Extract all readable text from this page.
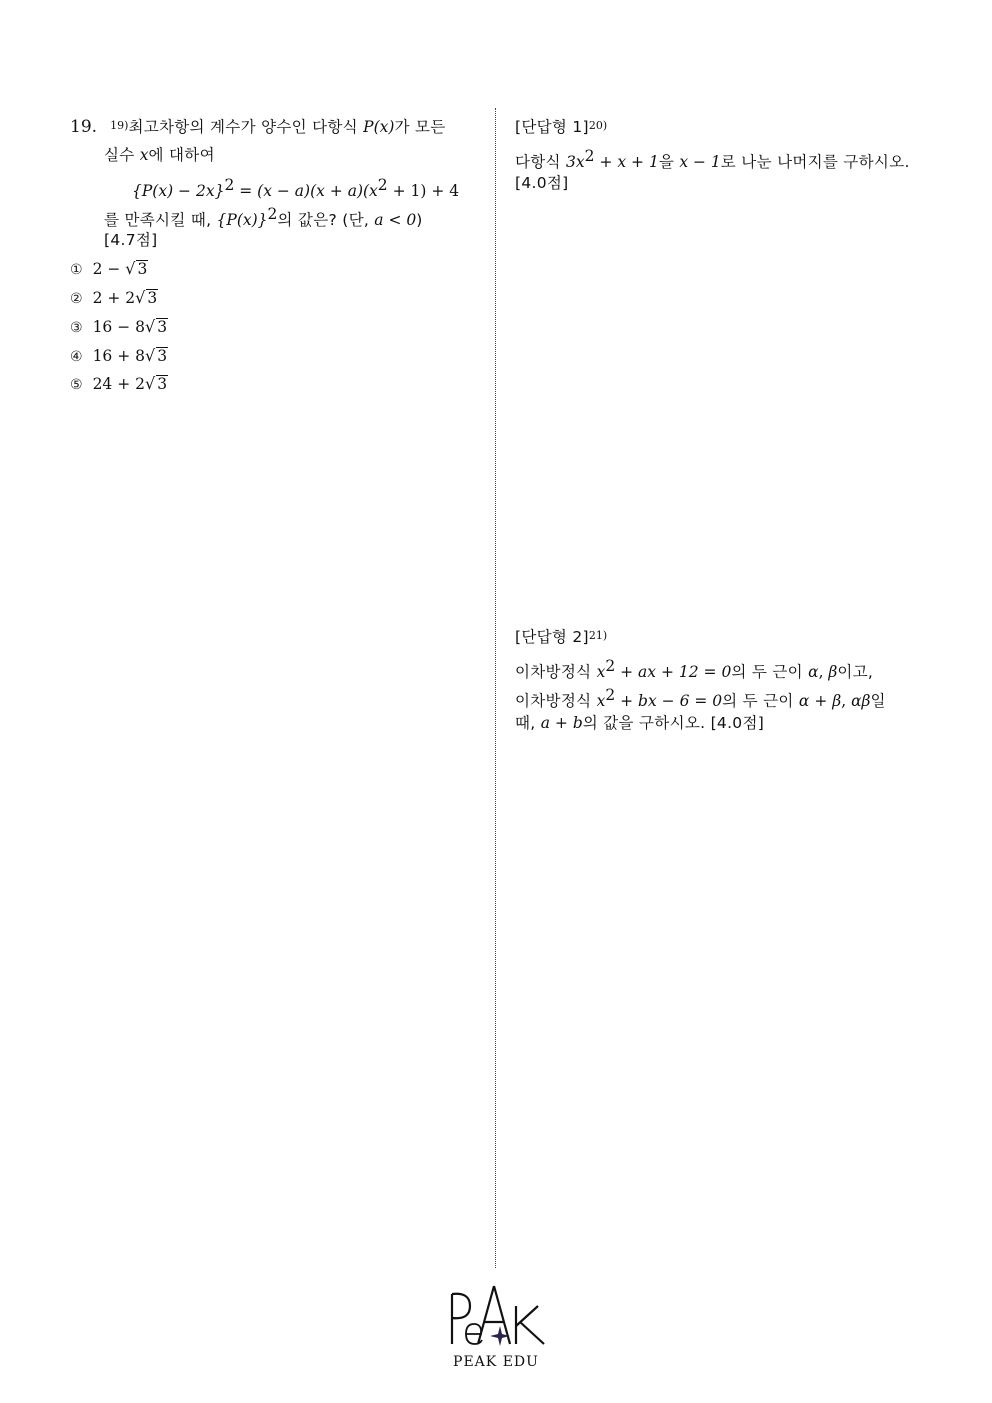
19. $^{19)}$최고차항의 계수가 양수인 다항식 P(x)가 모든
실수 x에 대하여
$\{P(x) - 2x\}^2 = (x - a)(x + a)(x^2 + 1) + 4$
를 만족시킬 때, $\{P(x)\}^2$의 값은? (단, a < 0)
[4.7점]
① 2 − √ 3
② 2 + 2√ 3
③ 16 − 8√ 3
④ 16 + 8√ 3
⑤ 24 + 2√ 3
[단답형 1]$^{20)}$
다항식 $3x^2 + x + 1$을 x − 1로 나눈 나머지를 구하시오.
[4.0점]
[단답형 2]$^{21)}$
이차방정식 $x^2$ + ax + 12 = 0의 두 근이 α, β이고,
이차방정식 $x^2$ + bx − 6 = 0의 두 근이 α + β, αβ일
때, a + b의 값을 구하시오. [4.0점]
PEAK EDU
